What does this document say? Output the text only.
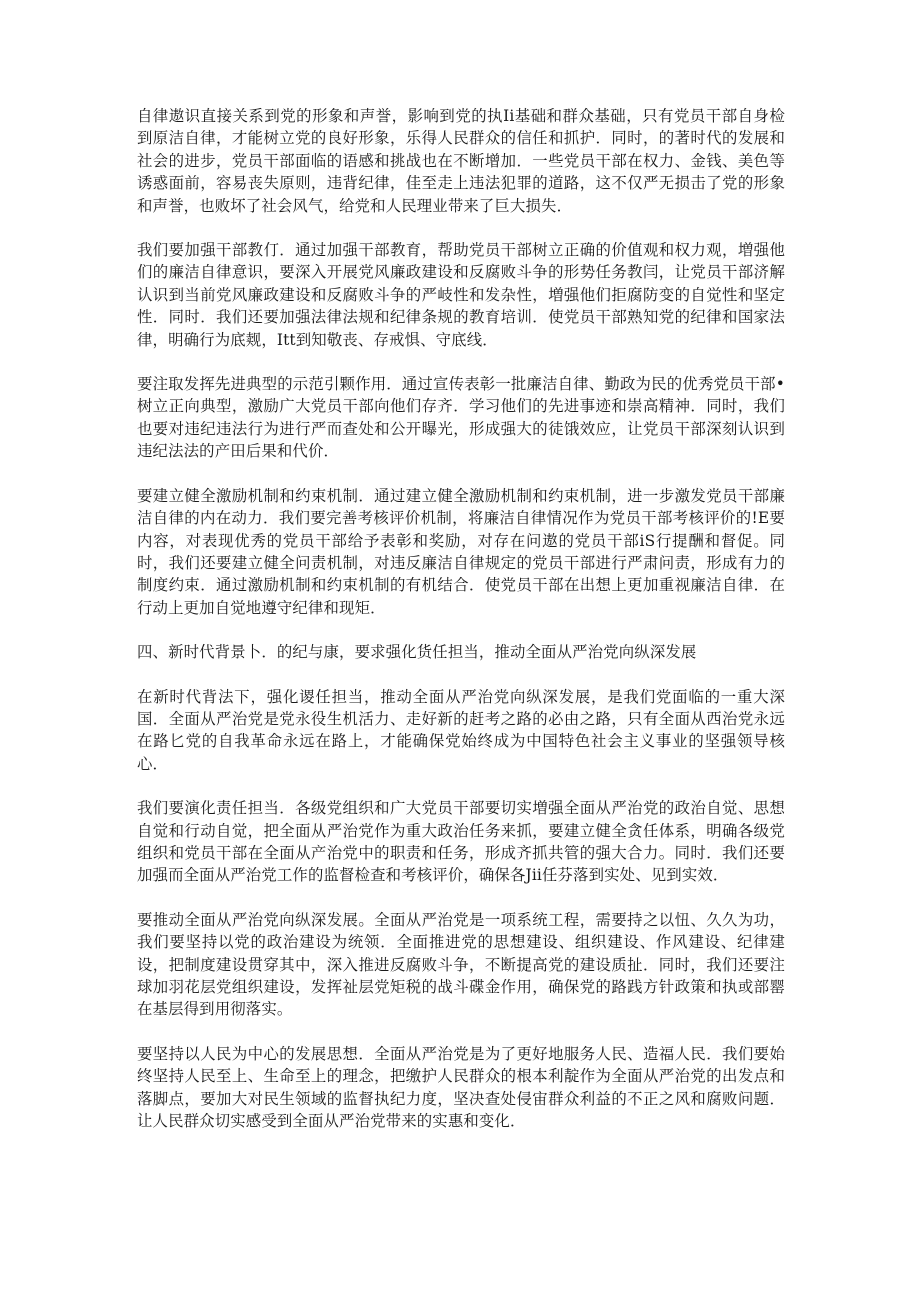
自律遨识直接关系到党的形象和声誉，影响到党的执Ii基础和群众基础，只有党员干部自身检到原洁自律，才能树立党的良好形象，乐得人民群众的信任和抓护．同时，的著时代的发展和社会的进步，党员干部面临的语感和挑战也在不断增加．一些党员干部在权力、金钱、美色等诱惑面前，容易丧失原则，违背纪律，佳至走上违法犯罪的道路，这不仅严无损击了党的形象和声誉，也败坏了社会风气，给党和人民理业带来了巨大损失．

我们要加强干部教仃．通过加强干部教育，帮助党员干部树立正确的价值观和权力观，増强他们的廉洁自律意识，要深入开展党风廉政建设和反腐败斗争的形势任务教闫，让党员干部济解认识到当前党风廉政建设和反腐败斗争的严岐性和发杂性，増强他们拒腐防变的自觉性和坚定性．同时．我们还要加强法律法规和纪律条规的教育培训．使党员干部熟知党的纪律和国家法律，明确行为底觌，Itt到知敬丧、存戒惧、守底线．

要注取发挥先进典型的示范引颗作用．通过宣传表彰一批廉洁自律、勤政为民的优秀党员干部•树立正向典型，激励广大党员干部向他们存齐．学习他们的先进事迹和崇高精神．同时，我们也要对违纪违法行为进行严而查处和公开曝光，形成强大的徒饿效应，让党员干部深刻认识到违纪法法的产田后果和代价．

要建立健全激励机制和约束机制．通过建立健全激励机制和约束机制，进一步激发党员干部廉洁自律的内在动力．我们要完善考核评价机制，将廉洁自律情况作为党员干部考核评价的!E要内容，对表现优秀的党员干部给予表彰和奖励，对存在问遨的党员干部iS行提酬和督促。同时，我们还要建立健全问责机制，对违反廉洁自律规定的党员干部进行严肃问责，形成有力的制度约束．通过激励机制和约束机制的有机结合．使党员干部在出想上更加重视廉洁自律．在行动上更加自觉地遵守纪律和现矩．

四、新时代背景卜．的纪与康，要求强化货任担当，推动全面从严治党向纵深发展

在新时代背法下，强化谡任担当，推动全面从严治党向纵深发展，是我们党面临的一重大深国．全面从严治党是党永役生机活力、走好新的赶考之路的必由之路，只有全面从西治党永远在路匕党的自我革命永远在路上，才能确保党始终成为中国特色社会主义事业的坚强领导核心．

我们要演化责任担当．各级党组织和广大党员干部要切实増强全面从严治党的政治自觉、思想自觉和行动自觉，把全面从严治党作为重大政治任务来抓，要建立健全贪任体系，明确各级党组织和党员干部在全面从产治党中的职责和任务，形成齐抓共管的强大合力。同时．我们还要加强而全面从严治党工作的监督检查和考核评价，确保各Jii任芬落到实处、见到实效．

要推动全面从严治党向纵深发展。全面从严治党是一项系统工程，需要持之以忸、久久为功，我们要坚持以党的政治建设为统领．全面推进党的思想建设、组织建设、作风建设、纪律建设，把制度建设贯穿其中，深入推进反腐败斗争，不断提高党的建设质扯．同时，我们还要注球加羽花层党组织建设，发挥祉层党矩税的战斗碟金作用，确保党的路践方针政策和执或部罂在基层得到用彻落实。

要坚持以人民为中心的发展思想．全面从严治党是为了更好地服务人民、造福人民．我们要始终坚持人民至上、生命至上的理念，把缴护人民群众的根本利靛作为全面从严治党的出发点和落脚点，要加大对民生领域的监督执纪力度，坚决查处侵宙群众利益的不正之风和腐败问题．让人民群众切实感受到全面从严治党带来的实惠和变化．
